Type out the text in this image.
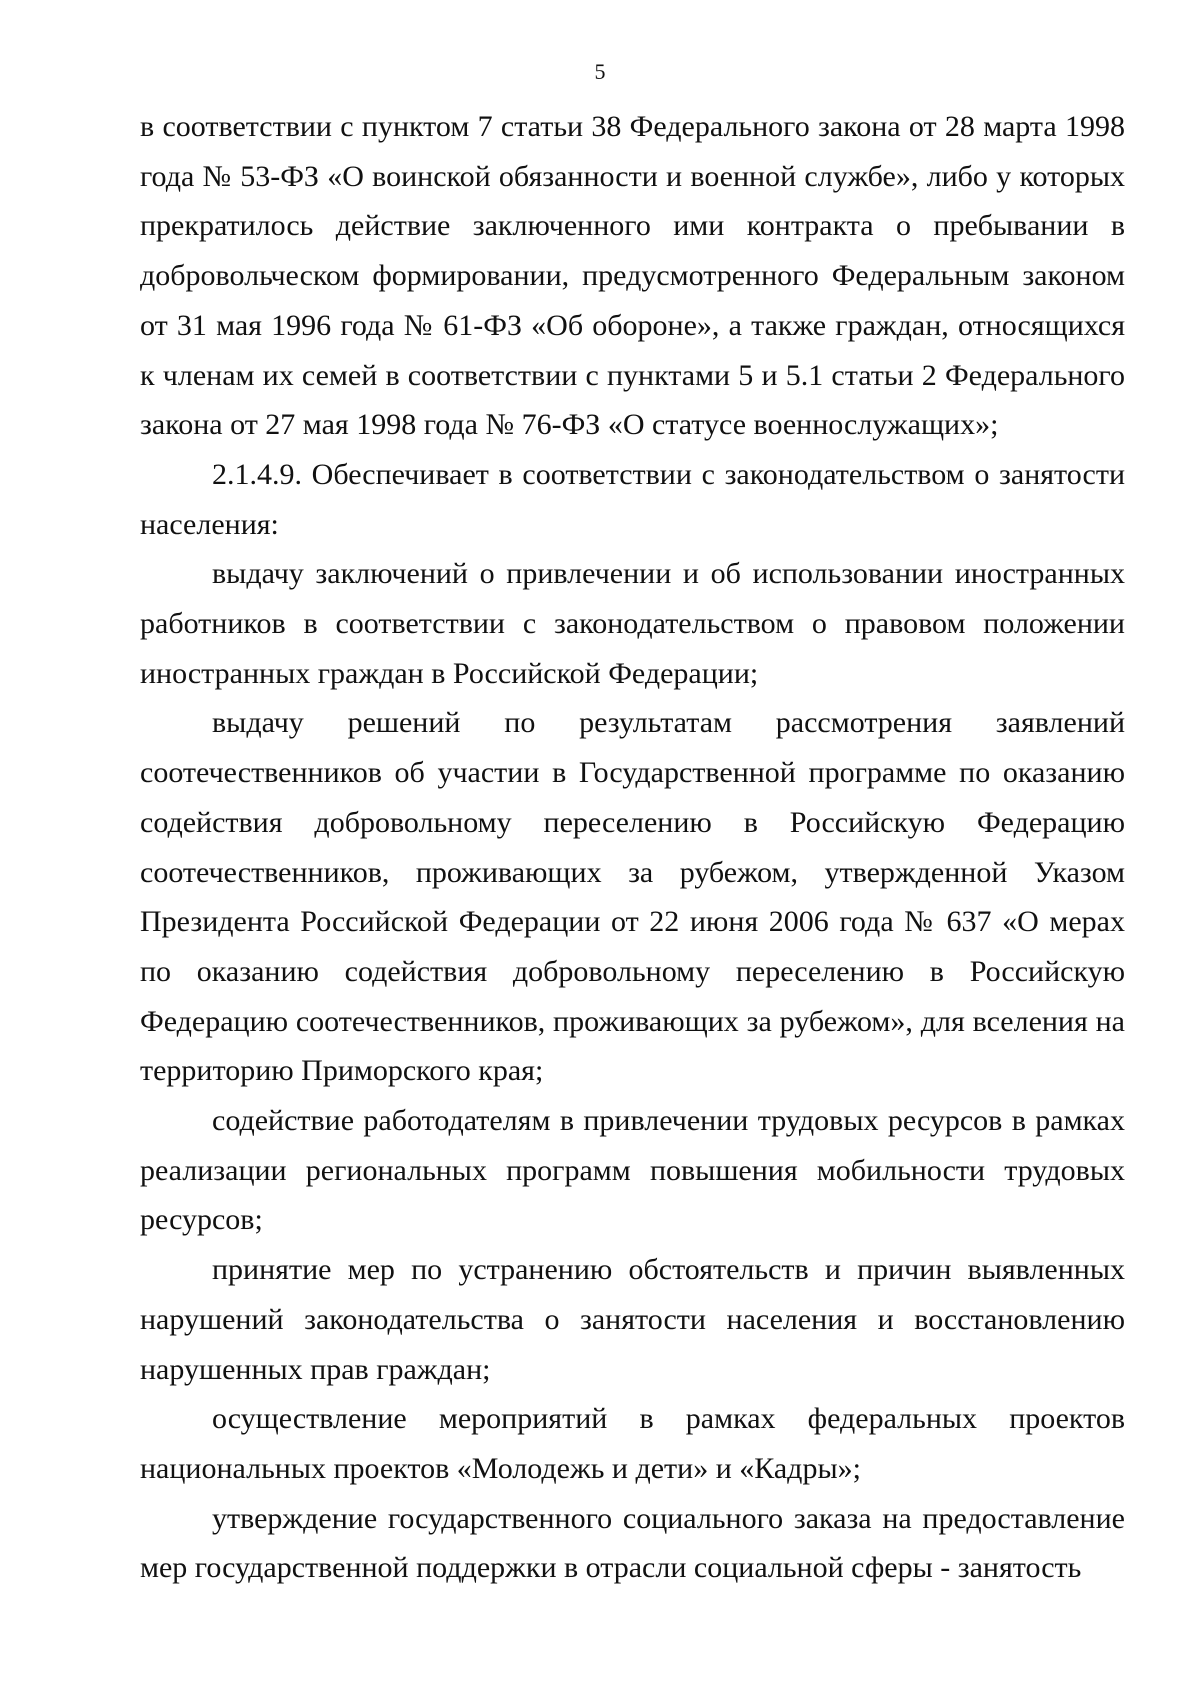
5

в соответствии с пунктом 7 статьи 38 Федерального закона от 28 марта 1998 года № 53-ФЗ «О воинской обязанности и военной службе», либо у которых прекратилось действие заключенного ими контракта о пребывании в добровольческом формировании, предусмотренного Федеральным законом от 31 мая 1996 года № 61-ФЗ «Об обороне», а также граждан, относящихся к членам их семей в соответствии с пунктами 5 и 5.1 статьи 2 Федерального закона от 27 мая 1998 года № 76-ФЗ «О статусе военнослужащих»;

2.1.4.9. Обеспечивает в соответствии с законодательством о занятости населения:

выдачу заключений о привлечении и об использовании иностранных работников в соответствии с законодательством о правовом положении иностранных граждан в Российской Федерации;

выдачу решений по результатам рассмотрения заявлений соотечественников об участии в Государственной программе по оказанию содействия добровольному переселению в Российскую Федерацию соотечественников, проживающих за рубежом, утвержденной Указом Президента Российской Федерации от 22 июня 2006 года № 637 «О мерах по оказанию содействия добровольному переселению в Российскую Федерацию соотечественников, проживающих за рубежом», для вселения на территорию Приморского края;

содействие работодателям в привлечении трудовых ресурсов в рамках реализации региональных программ повышения мобильности трудовых ресурсов;

принятие мер по устранению обстоятельств и причин выявленных нарушений законодательства о занятости населения и восстановлению нарушенных прав граждан;

осуществление мероприятий в рамках федеральных проектов национальных проектов «Молодежь и дети» и «Кадры»;

утверждение государственного социального заказа на предоставление мер государственной поддержки в отрасли социальной сферы - занятость
